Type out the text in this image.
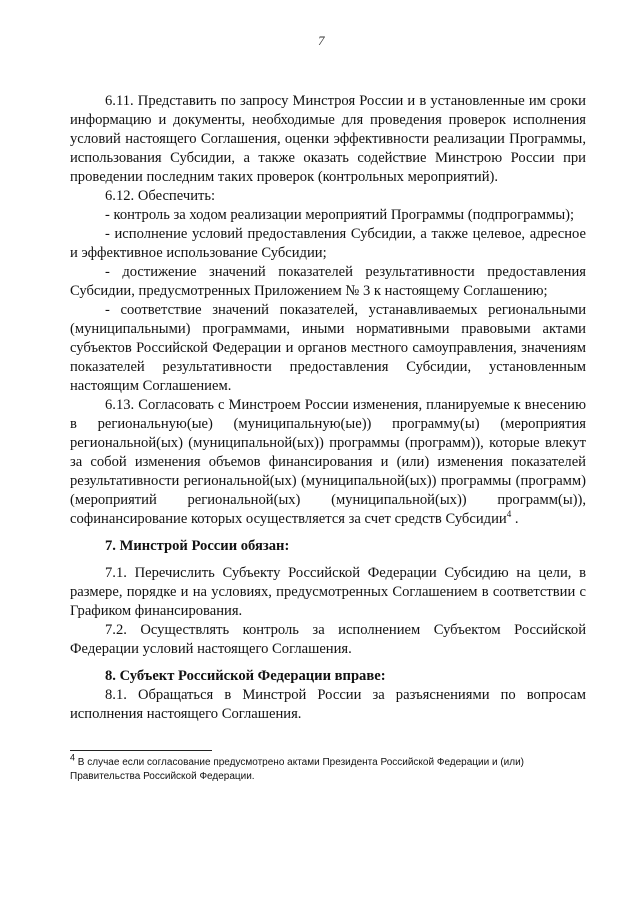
7

6.11. Представить по запросу Минстроя России и в установленные им сроки информацию и документы, необходимые для проведения проверок исполнения условий настоящего Соглашения, оценки эффективности реализации Программы, использования Субсидии, а также оказать содействие Минстрою России при проведении последним таких проверок (контрольных мероприятий).

6.12. Обеспечить:

- контроль за ходом реализации мероприятий Программы (подпрограммы);

- исполнение условий предоставления Субсидии, а также целевое, адресное и эффективное использование Субсидии;

- достижение значений показателей результативности предоставления Субсидии, предусмотренных Приложением № 3 к настоящему Соглашению;

- соответствие значений показателей, устанавливаемых региональными (муниципальными) программами, иными нормативными правовыми актами субъектов Российской Федерации и органов местного самоуправления, значениям показателей результативности предоставления Субсидии, установленным настоящим Соглашением.

6.13. Согласовать с Минстроем России изменения, планируемые к внесению в региональную(ые) (муниципальную(ые)) программу(ы) (мероприятия региональной(ых) (муниципальной(ых)) программы (программ)), которые влекут за собой изменения объемов финансирования и (или) изменения показателей результативности региональной(ых) (муниципальной(ых)) программы (программ) (мероприятий региональной(ых) (муниципальной(ых)) программ(ы)), софинансирование которых осуществляется за счет средств Субсидии$^4$ .

7. Минстрой России обязан:

7.1. Перечислить Субъекту Российской Федерации Субсидию на цели, в размере, порядке и на условиях, предусмотренных Соглашением в соответствии с Графиком финансирования.

7.2. Осуществлять контроль за исполнением Субъектом Российской Федерации условий настоящего Соглашения.

8. Субъект Российской Федерации вправе:

8.1. Обращаться в Минстрой России за разъяснениями по вопросам исполнения настоящего Соглашения.

$^4$ В случае если согласование предусмотрено актами Президента Российской Федерации и (или) Правительства Российской Федерации.
